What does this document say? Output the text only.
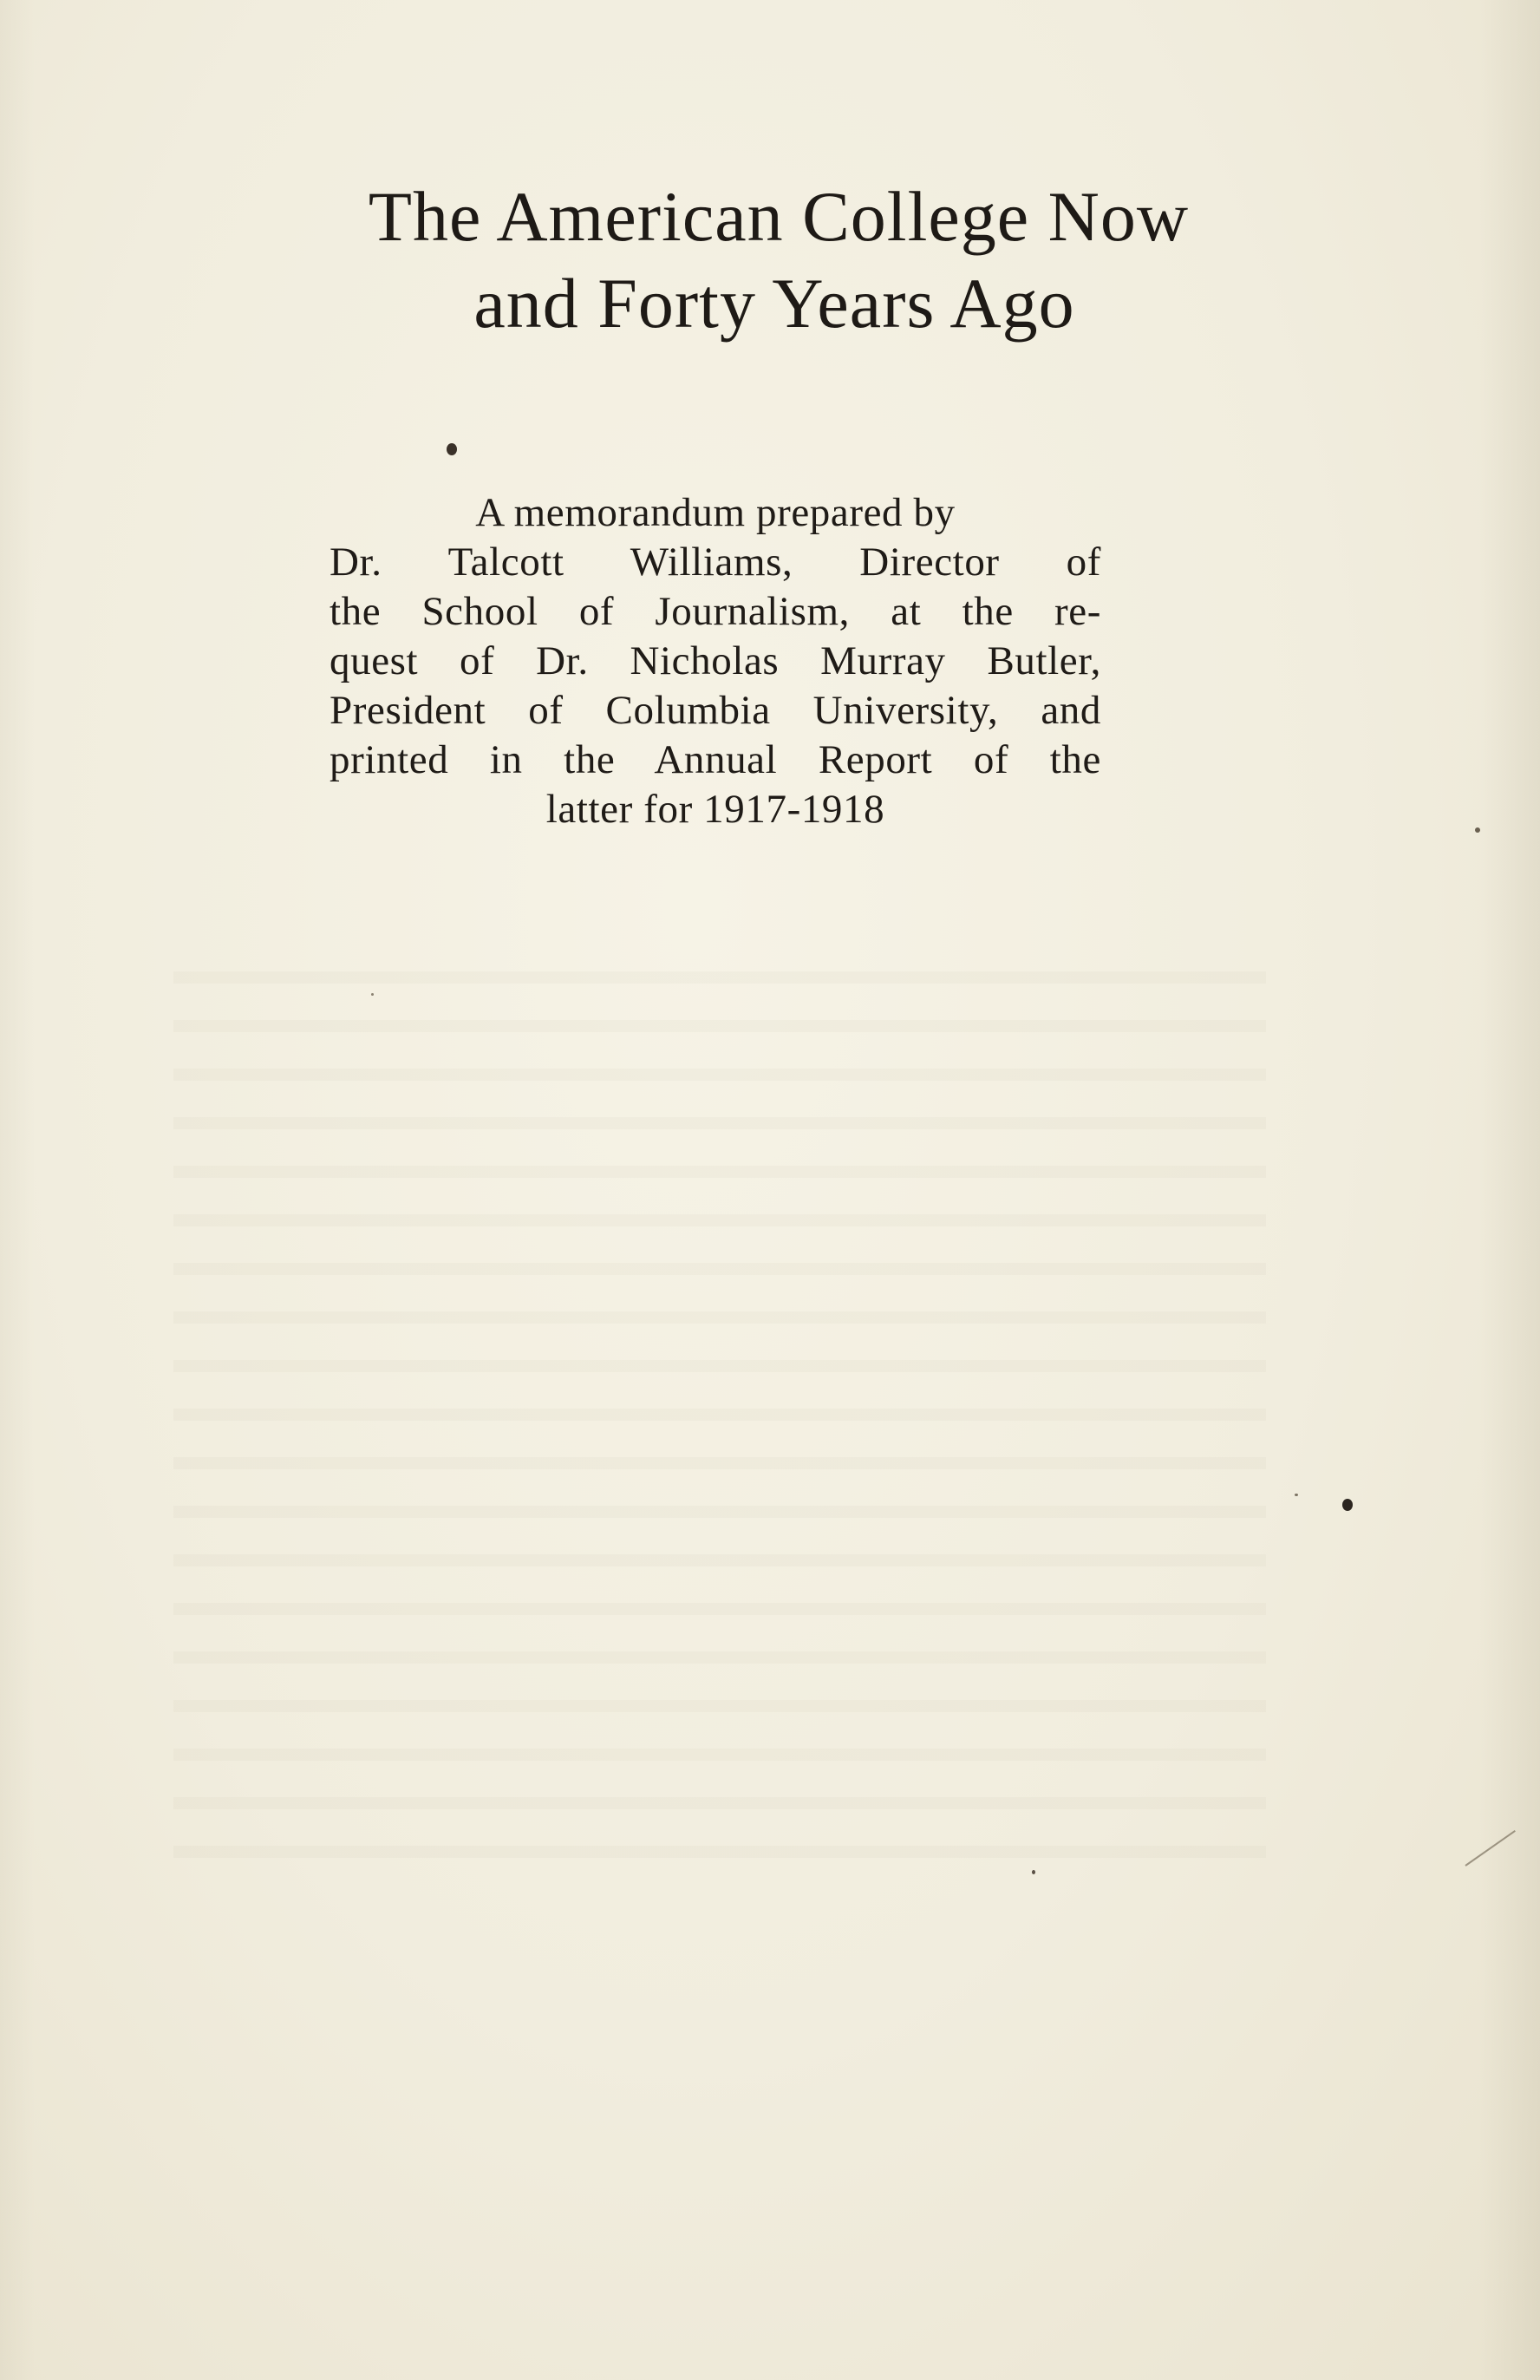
The American College Now
and Forty Years Ago
A memorandum prepared by
Dr. Talcott Williams, Director of
the School of Journalism, at the re-
quest of Dr. Nicholas Murray Butler,
President of Columbia University, and
printed in the Annual Report of the
latter for 1917-1918
